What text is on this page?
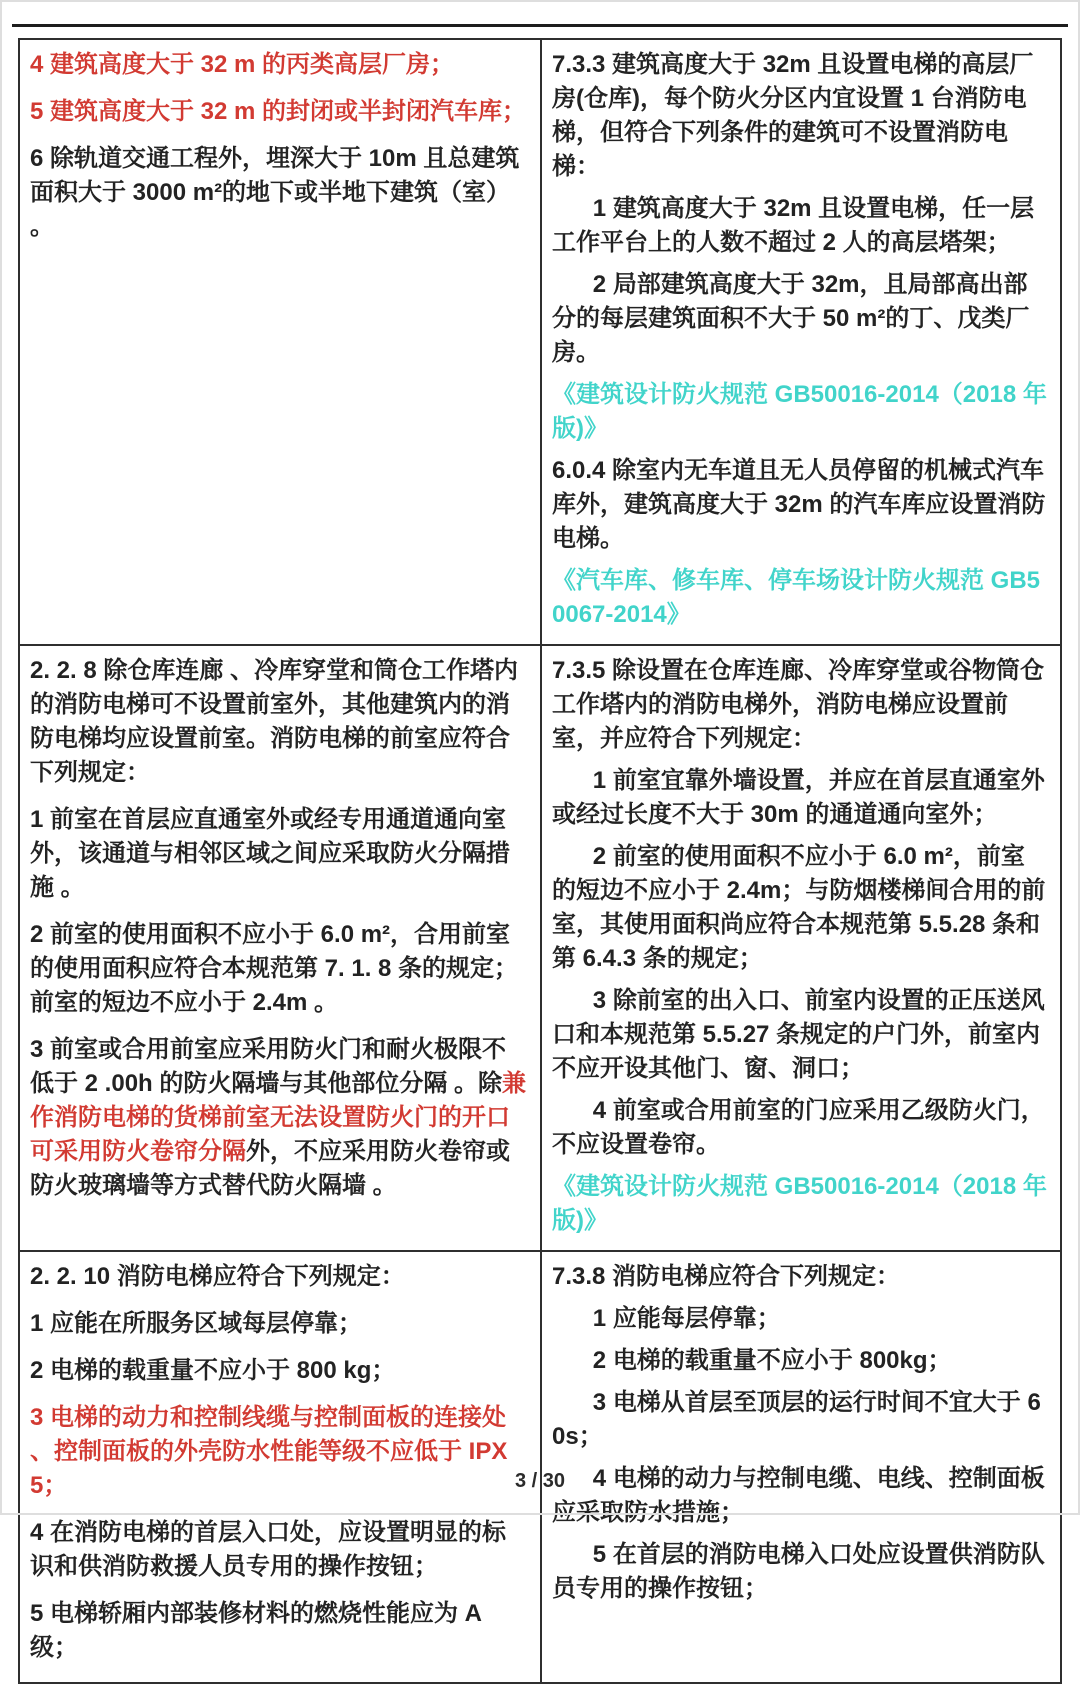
4 建筑高度大于 32 m 的丙类高层厂房；

5 建筑高度大于 32 m 的封闭或半封闭汽车库；

6 除轨道交通工程外，埋深大于 10m 且总建筑面积大于 3000 m²的地下或半地下建筑（室） 。

7.3.3 建筑高度大于 32m 且设置电梯的高层厂房(仓库)，每个防火分区内宜设置 1 台消防电梯，但符合下列条件的建筑可不设置消防电梯：

1 建筑高度大于 32m 且设置电梯，任一层工作平台上的人数不超过 2 人的高层塔架；

2 局部建筑高度大于 32m，且局部高出部分的每层建筑面积不大于 50 m²的丁、戊类厂房。

《建筑设计防火规范 GB50016-2014（2018 年版)》

6.0.4 除室内无车道且无人员停留的机械式汽车库外，建筑高度大于 32m 的汽车库应设置消防电梯。

《汽车库、修车库、停车场设计防火规范 GB50067-2014》

2. 2. 8 除仓库连廊 、冷库穿堂和筒仓工作塔内的消防电梯可不设置前室外，其他建筑内的消防电梯均应设置前室。消防电梯的前室应符合下列规定：

1 前室在首层应直通室外或经专用通道通向室外，该通道与相邻区域之间应采取防火分隔措施 。

2 前室的使用面积不应小于 6.0 m²，合用前室的使用面积应符合本规范第 7. 1. 8 条的规定；前室的短边不应小于 2.4m 。

3 前室或合用前室应采用防火门和耐火极限不低于 2 .00h 的防火隔墙与其他部位分隔 。除兼作消防电梯的货梯前室无法设置防火门的开口可采用防火卷帘分隔外，不应采用防火卷帘或防火玻璃墙等方式替代防火隔墙 。

7.3.5 除设置在仓库连廊、冷库穿堂或谷物筒仓工作塔内的消防电梯外，消防电梯应设置前室，并应符合下列规定：

1 前室宜靠外墙设置，并应在首层直通室外或经过长度不大于 30m 的通道通向室外；

2 前室的使用面积不应小于 6.0 m²，前室的短边不应小于 2.4m；与防烟楼梯间合用的前室，其使用面积尚应符合本规范第 5.5.28 条和第 6.4.3 条的规定；

3 除前室的出入口、前室内设置的正压送风口和本规范第 5.5.27 条规定的户门外，前室内不应开设其他门、窗、洞口；

4 前室或合用前室的门应采用乙级防火门，不应设置卷帘。

《建筑设计防火规范 GB50016-2014（2018 年版)》

2. 2. 10 消防电梯应符合下列规定：

1 应能在所服务区域每层停靠；

2 电梯的载重量不应小于 800 kg；

3 电梯的动力和控制线缆与控制面板的连接处 、控制面板的外壳防水性能等级不应低于 IPX 5；

4 在消防电梯的首层入口处，应设置明显的标识和供消防救援人员专用的操作按钮；

5 电梯轿厢内部装修材料的燃烧性能应为 A 级；

7.3.8 消防电梯应符合下列规定：

1 应能每层停靠；

2 电梯的载重量不应小于 800kg；

3 电梯从首层至顶层的运行时间不宜大于 60s；

4 电梯的动力与控制电缆、电线、控制面板应采取防水措施；

5 在首层的消防电梯入口处应设置供消防队员专用的操作按钮；

3 / 30
